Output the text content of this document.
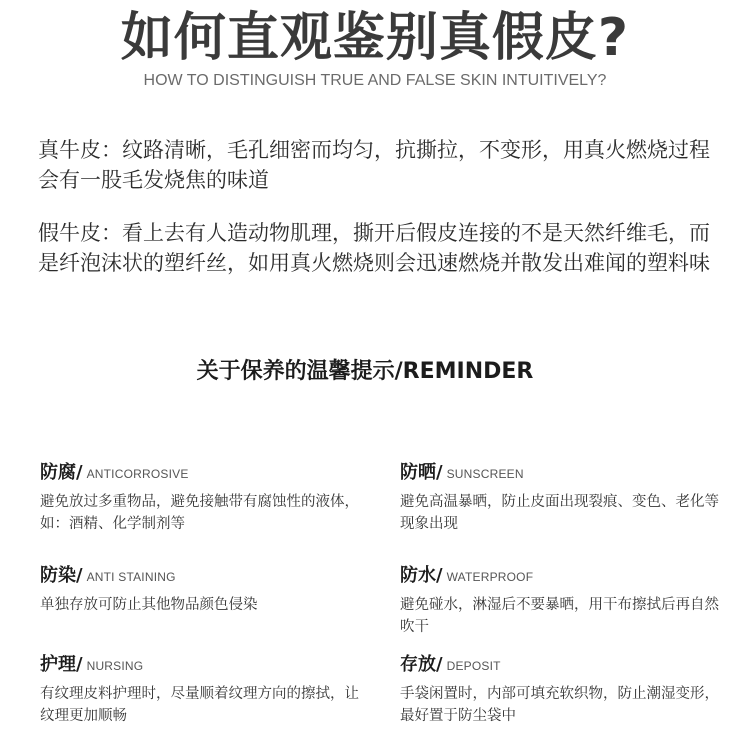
如何直观鉴别真假皮?
HOW TO DISTINGUISH TRUE AND FALSE SKIN INTUITIVELY?
真牛皮：纹路清晰，毛孔细密而均匀，抗撕拉，不变形，用真火燃烧过程会有一股毛发烧焦的味道
假牛皮：看上去有人造动物肌理，撕开后假皮连接的不是天然纤维毛，而是纤泡沫状的塑纤丝，如用真火燃烧则会迅速燃烧并散发出难闻的塑料味
关于保养的温馨提示/REMINDER
防腐/ ANTICORROSIVE
避免放过多重物品，避免接触带有腐蚀性的液体，如：酒精、化学制剂等
防晒/ SUNSCREEN
避免高温暴晒，防止皮面出现裂痕、变色、老化等现象出现
防染/ ANTI STAINING
单独存放可防止其他物品颜色侵染
防水/ WATERPROOF
避免碰水，淋湿后不要暴晒，用干布擦拭后再自然吹干
护理/ NURSING
有纹理皮料护理时，尽量顺着纹理方向的擦拭，让纹理更加顺畅
存放/ DEPOSIT
手袋闲置时，内部可填充软织物，防止潮湿变形，最好置于防尘袋中
